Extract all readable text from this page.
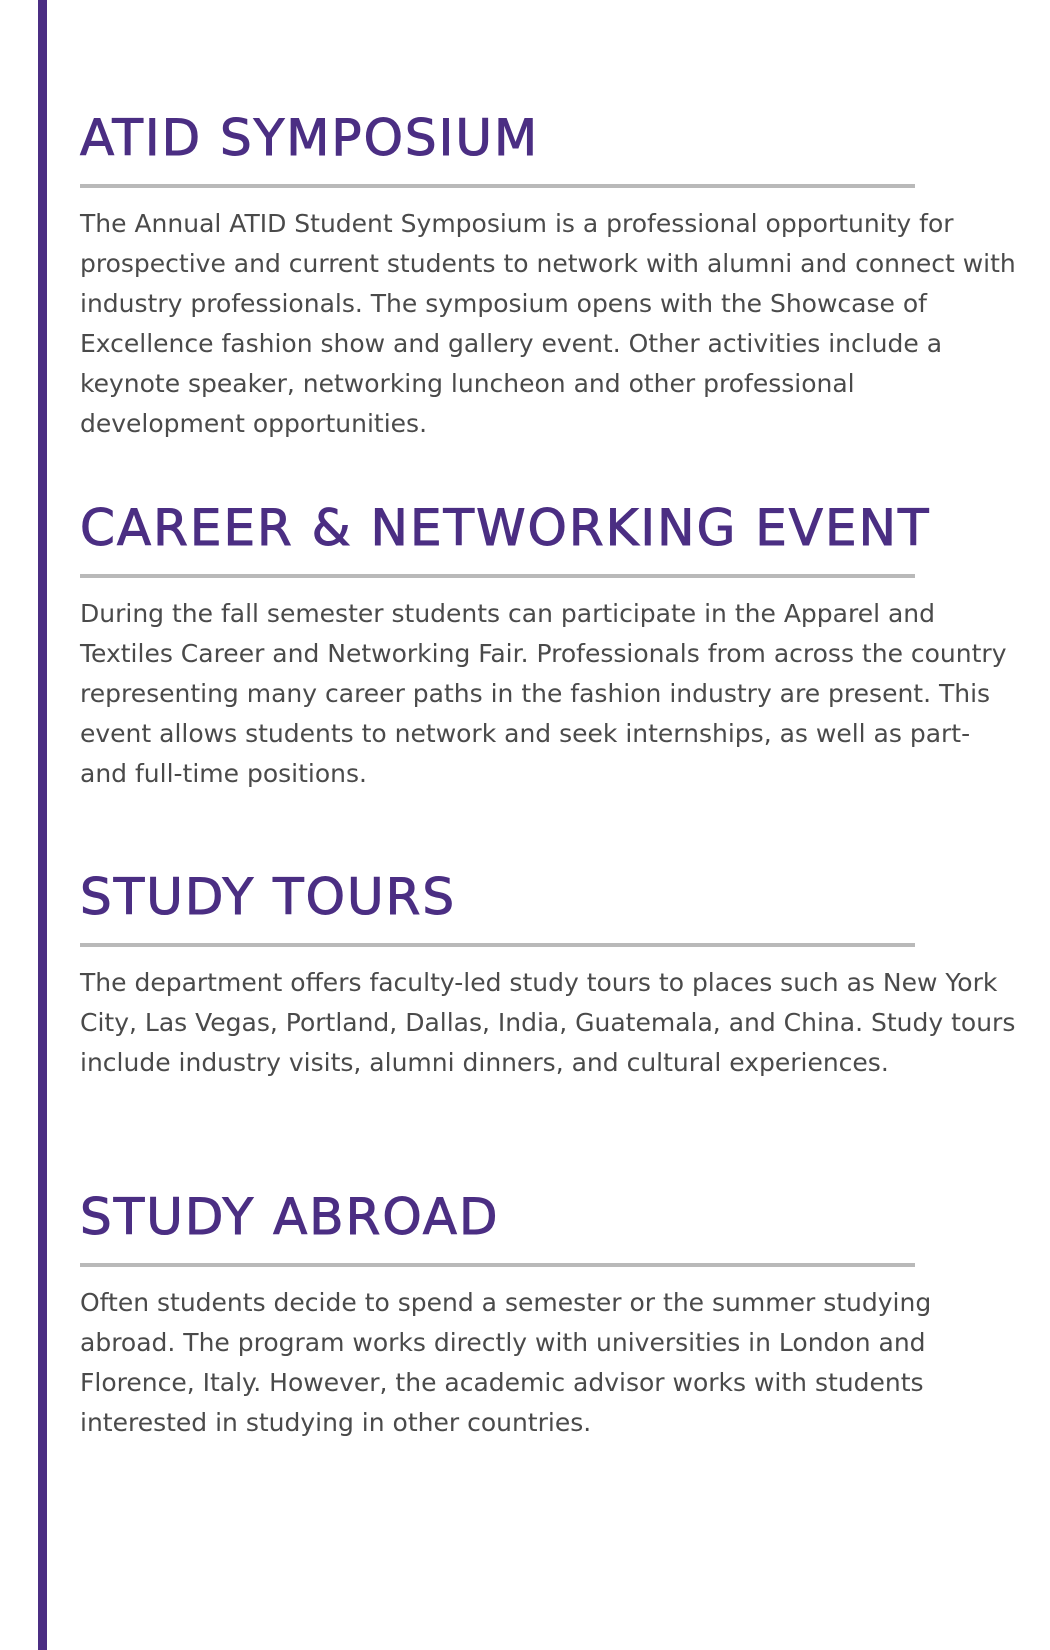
ATID SYMPOSIUM

The Annual ATID Student Symposium is a professional opportunity for prospective and current students to network with alumni and connect with industry professionals. The symposium opens with the Showcase of Excellence fashion show and gallery event. Other activities include a keynote speaker, networking luncheon and other professional development opportunities.

CAREER & NETWORKING EVENT

During the fall semester students can participate in the Apparel and Textiles Career and Networking Fair. Professionals from across the country representing many career paths in the fashion industry are present. This event allows students to network and seek internships, as well as part- and full-time positions.

STUDY TOURS

The department offers faculty-led study tours to places such as New York City, Las Vegas, Portland, Dallas, India, Guatemala, and China. Study tours include industry visits, alumni dinners, and cultural experiences.

STUDY ABROAD

Often students decide to spend a semester or the summer studying abroad. The program works directly with universities in London and Florence, Italy. However, the academic advisor works with students interested in studying in other countries.
